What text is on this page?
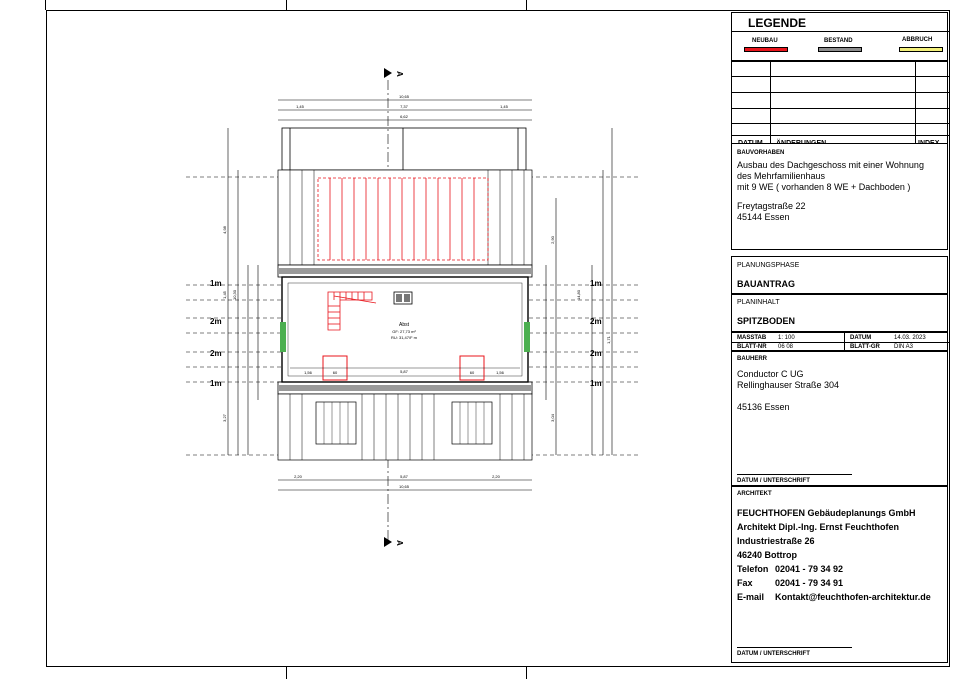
Abst
GF: 27,73 m²
RU: 31,47/F m
1,56	60	5,87	60	1,56
10,65
7,37
1,45	1,45
6,62
2,20	5,87	2,20
10,65
4,98
1,45 10,30
3,27	3,04
1,71
2,90
14,80
1m
2m
2m
1m
1m
2m
2m
1m
A
A
LEGENDE
NEUBAU	BESTAND	ABBRUCH
BAUVORHABEN
Ausbau des Dachgeschoss mit einer Wohnung
des Mehrfamilienhaus
mit 9 WE ( vorhanden 8 WE + Dachboden )
Freytagstraße 22
45144 Essen
PLANUNGSPHASE
BAUANTRAG
PLANINHALT
SPITZBODEN
MASSTAB 1: 100
BLATT-NR 06 08
DATUM	14.03. 2023
BLATT-GR DIN A3
BAUHERR
Conductor C UG
Rellinghauser Straße 304
45136 Essen
DATUM / UNTERSCHRIFT
ARCHITEKT
FEUCHTHOFEN Gebäudeplanungs GmbH
Architekt Dipl.-Ing. Ernst Feuchthofen
Industriestraße 26
46240 Bottrop
Telefon 02041 - 79 34 92
Fax 02041 - 79 34 91
E-mail Kontakt@feuchthofen-architektur.de
DATUM / UNTERSCHRIFT
